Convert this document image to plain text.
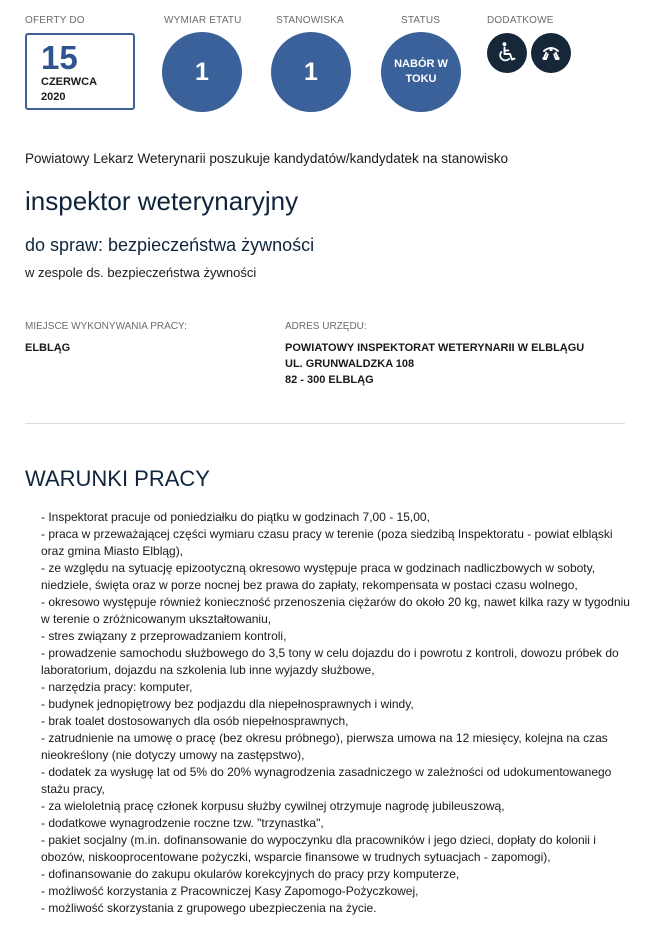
OFERTY DO
15
CZERWCA
2020
WYMIAR ETATU
1
STANOWISKA
1
STATUS
NABÓR W TOKU
DODATKOWE
Powiatowy Lekarz Weterynarii poszukuje kandydatów/kandydatek na stanowisko
inspektor weterynaryjny
do spraw: bezpieczeństwa żywności
w zespole ds. bezpieczeństwa żywności
MIEJSCE WYKONYWANIA PRACY:
ELBLĄG
ADRES URZĘDU:
POWIATOWY INSPEKTORAT WETERYNARII W ELBLĄGU
UL. GRUNWALDZKA 108
82 - 300 ELBLĄG
WARUNKI PRACY
- Inspektorat pracuje od poniedziałku do piątku w godzinach 7,00 - 15,00,
- praca w przeważającej części wymiaru czasu pracy w terenie (poza siedzibą Inspektoratu - powiat elbląski oraz gmina Miasto Elbląg),
- ze względu na sytuację epizootyczną okresowo występuje praca w godzinach nadliczbowych w soboty, niedziele, święta oraz w porze nocnej bez prawa do zapłaty, rekompensata w postaci czasu wolnego,
- okresowo występuje również konieczność przenoszenia ciężarów do około 20 kg, nawet kilka razy w tygodniu w terenie o zróżnicowanym ukształtowaniu,
- stres związany z przeprowadzaniem kontroli,
- prowadzenie samochodu służbowego do 3,5 tony w celu dojazdu do i powrotu z kontroli, dowozu próbek do laboratorium, dojazdu na szkolenia lub inne wyjazdy służbowe,
- narzędzia pracy: komputer,
- budynek jednopiętrowy bez podjazdu dla niepełnosprawnych i windy,
- brak toalet dostosowanych dla osób niepełnosprawnych,
- zatrudnienie na umowę o pracę (bez okresu próbnego), pierwsza umowa na 12 miesięcy, kolejna na czas nieokreślony (nie dotyczy umowy na zastępstwo),
- dodatek za wysługę lat od 5% do 20% wynagrodzenia zasadniczego w zależności od udokumentowanego stażu pracy,
- za wieloletnią pracę członek korpusu służby cywilnej otrzymuje nagrodę jubileuszową,
- dodatkowe wynagrodzenie roczne tzw. "trzynastka",
- pakiet socjalny (m.in. dofinansowanie do wypoczynku dla pracowników i jego dzieci, dopłaty do kolonii i obozów, niskooprocentowane pożyczki, wsparcie finansowe w trudnych sytuacjach - zapomogi),
- dofinansowanie do zakupu okularów korekcyjnych do pracy przy komputerze,
- możliwość korzystania z Pracowniczej Kasy Zapomogo-Pożyczkowej,
- możliwość skorzystania z grupowego ubezpieczenia na życie.
